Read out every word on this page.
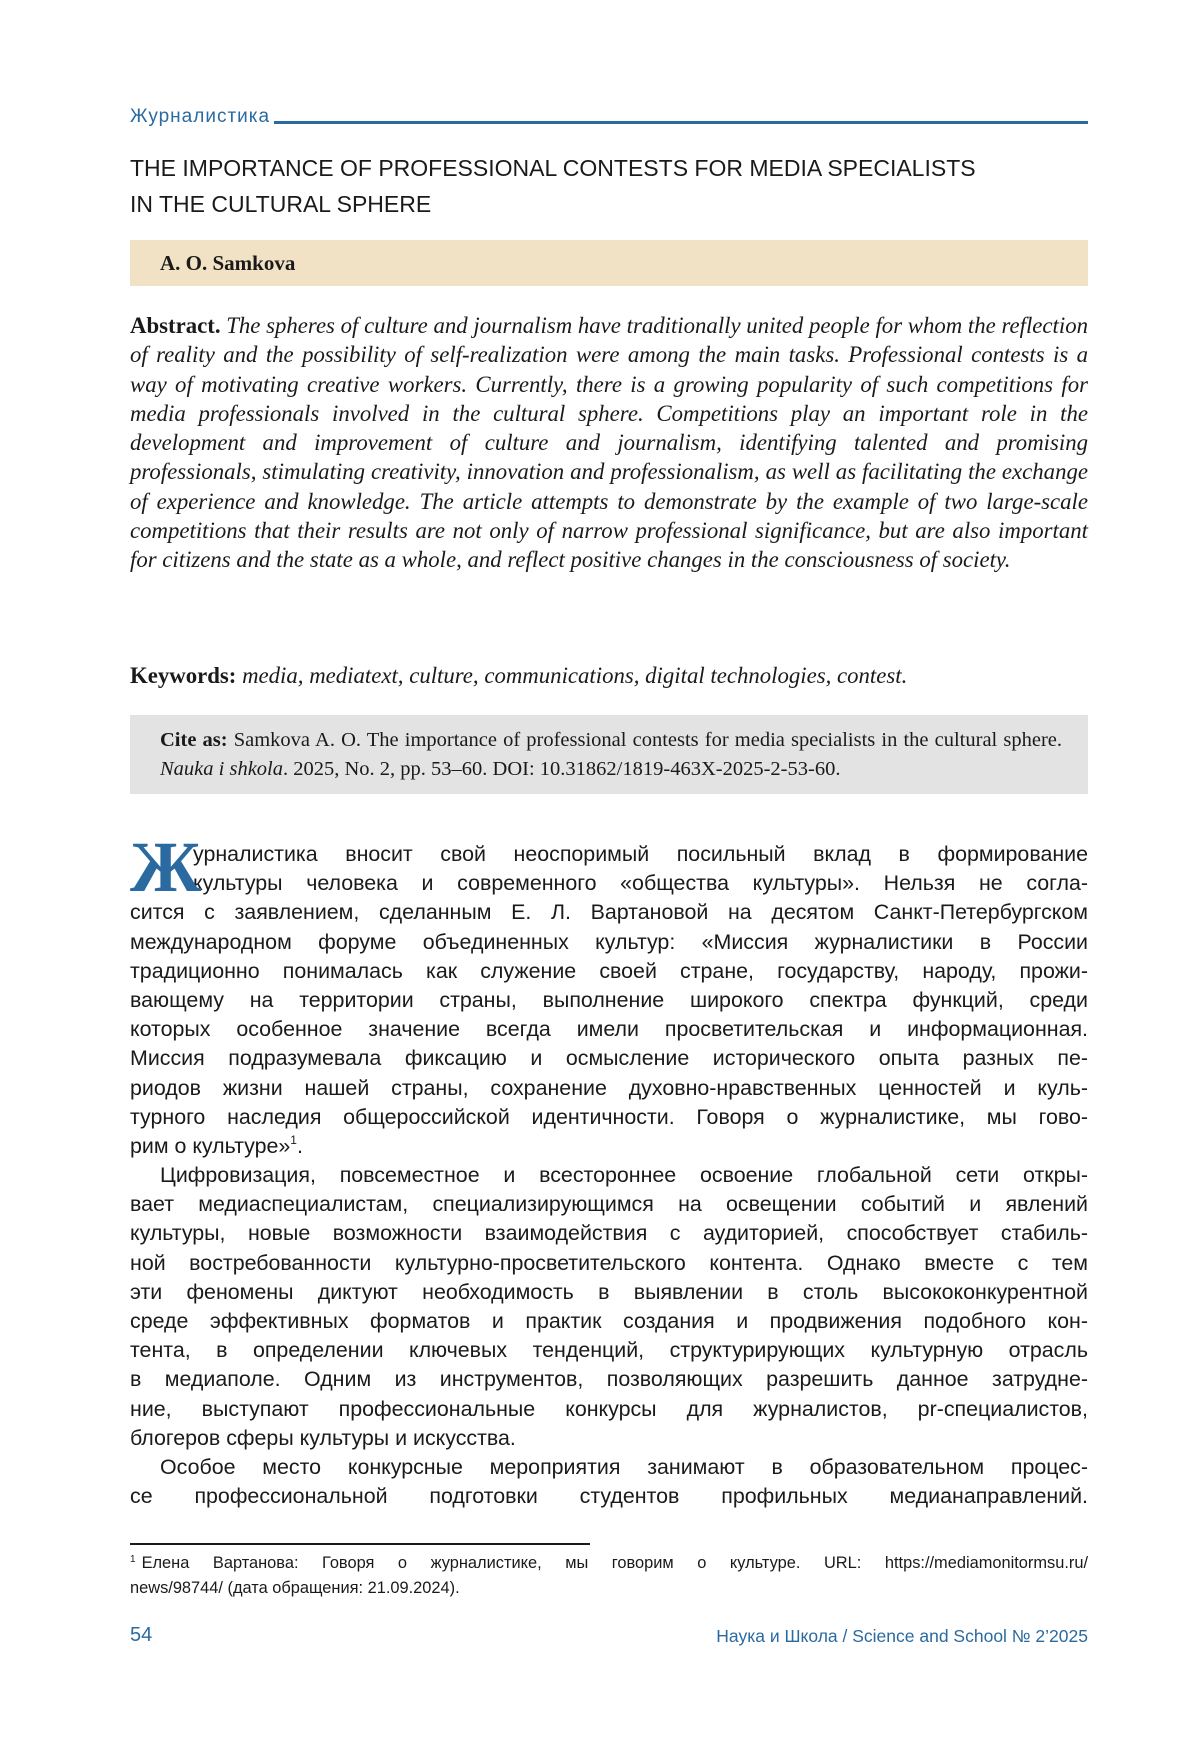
Журналистика
THE IMPORTANCE OF PROFESSIONAL CONTESTS FOR MEDIA SPECIALISTS
IN THE CULTURAL SPHERE
A. O. Samkova
Abstract. The spheres of culture and journalism have traditionally united people for whom the reflection of reality and the possibility of self-realization were among the main tasks. Professional contests is a way of motivating creative workers. Currently, there is a growing popularity of such competitions for media professionals involved in the cultural sphere. Competitions play an important role in the development and improvement of culture and journalism, identifying talented and promising professionals, stimulating creativity, innovation and professionalism, as well as facilitating the exchange of experience and knowledge. The article attempts to demonstrate by the example of two large-scale competitions that their results are not only of narrow professional significance, but are also important for citizens and the state as a whole, and reflect positive changes in the consciousness of society.
Keywords: media, mediatext, culture, communications, digital technologies, contest.
Cite as: Samkova A. O. The importance of professional contests for media specialists in the cultural sphere. Nauka i shkola. 2025, No. 2, pp. 53–60. DOI: 10.31862/1819-463X-2025-2-53-60.
Ж
урналистика вносит свой неоспоримый посильный вклад в формирование
культуры человека и современного «общества культуры». Нельзя не согла-
сится с заявлением, сделанным Е. Л. Вартановой на десятом Санкт-Петербургском
международном форуме объединенных культур: «Миссия журналистики в России
традиционно понималась как служение своей стране, государству, народу, прожи-
вающему на территории страны, выполнение широкого спектра функций, среди
которых особенное значение всегда имели просветительская и информационная.
Миссия подразумевала фиксацию и осмысление исторического опыта разных пе-
риодов жизни нашей страны, сохранение духовно-нравственных ценностей и куль-
турного наследия общероссийской идентичности. Говоря о журналистике, мы гово-
рим о культуре»$^1$.
Цифровизация, повсеместное и всестороннее освоение глобальной сети откры-
вает медиаспециалистам, специализирующимся на освещении событий и явлений
культуры, новые возможности взаимодействия с аудиторией, способствует стабиль-
ной востребованности культурно-просветительского контента. Однако вместе с тем
эти феномены диктуют необходимость в выявлении в столь высококонкурентной
среде эффективных форматов и практик создания и продвижения подобного кон-
тента, в определении ключевых тенденций, структурирующих культурную отрасль
в медиаполе. Одним из инструментов, позволяющих разрешить данное затрудне-
ние, выступают профессиональные конкурсы для журналистов, pr-специалистов,
блогеров сферы культуры и искусства.
Особое место конкурсные мероприятия занимают в образовательном процес-
се профессиональной подготовки студентов профильных медианаправлений.
$^1$ Елена Вартанова: Говоря о журналистике, мы говорим о культуре. URL: https://mediamonitormsu.ru/
news/98744/ (дата обращения: 21.09.2024).
54	Наука и Школа / Science and School № 2’2025
